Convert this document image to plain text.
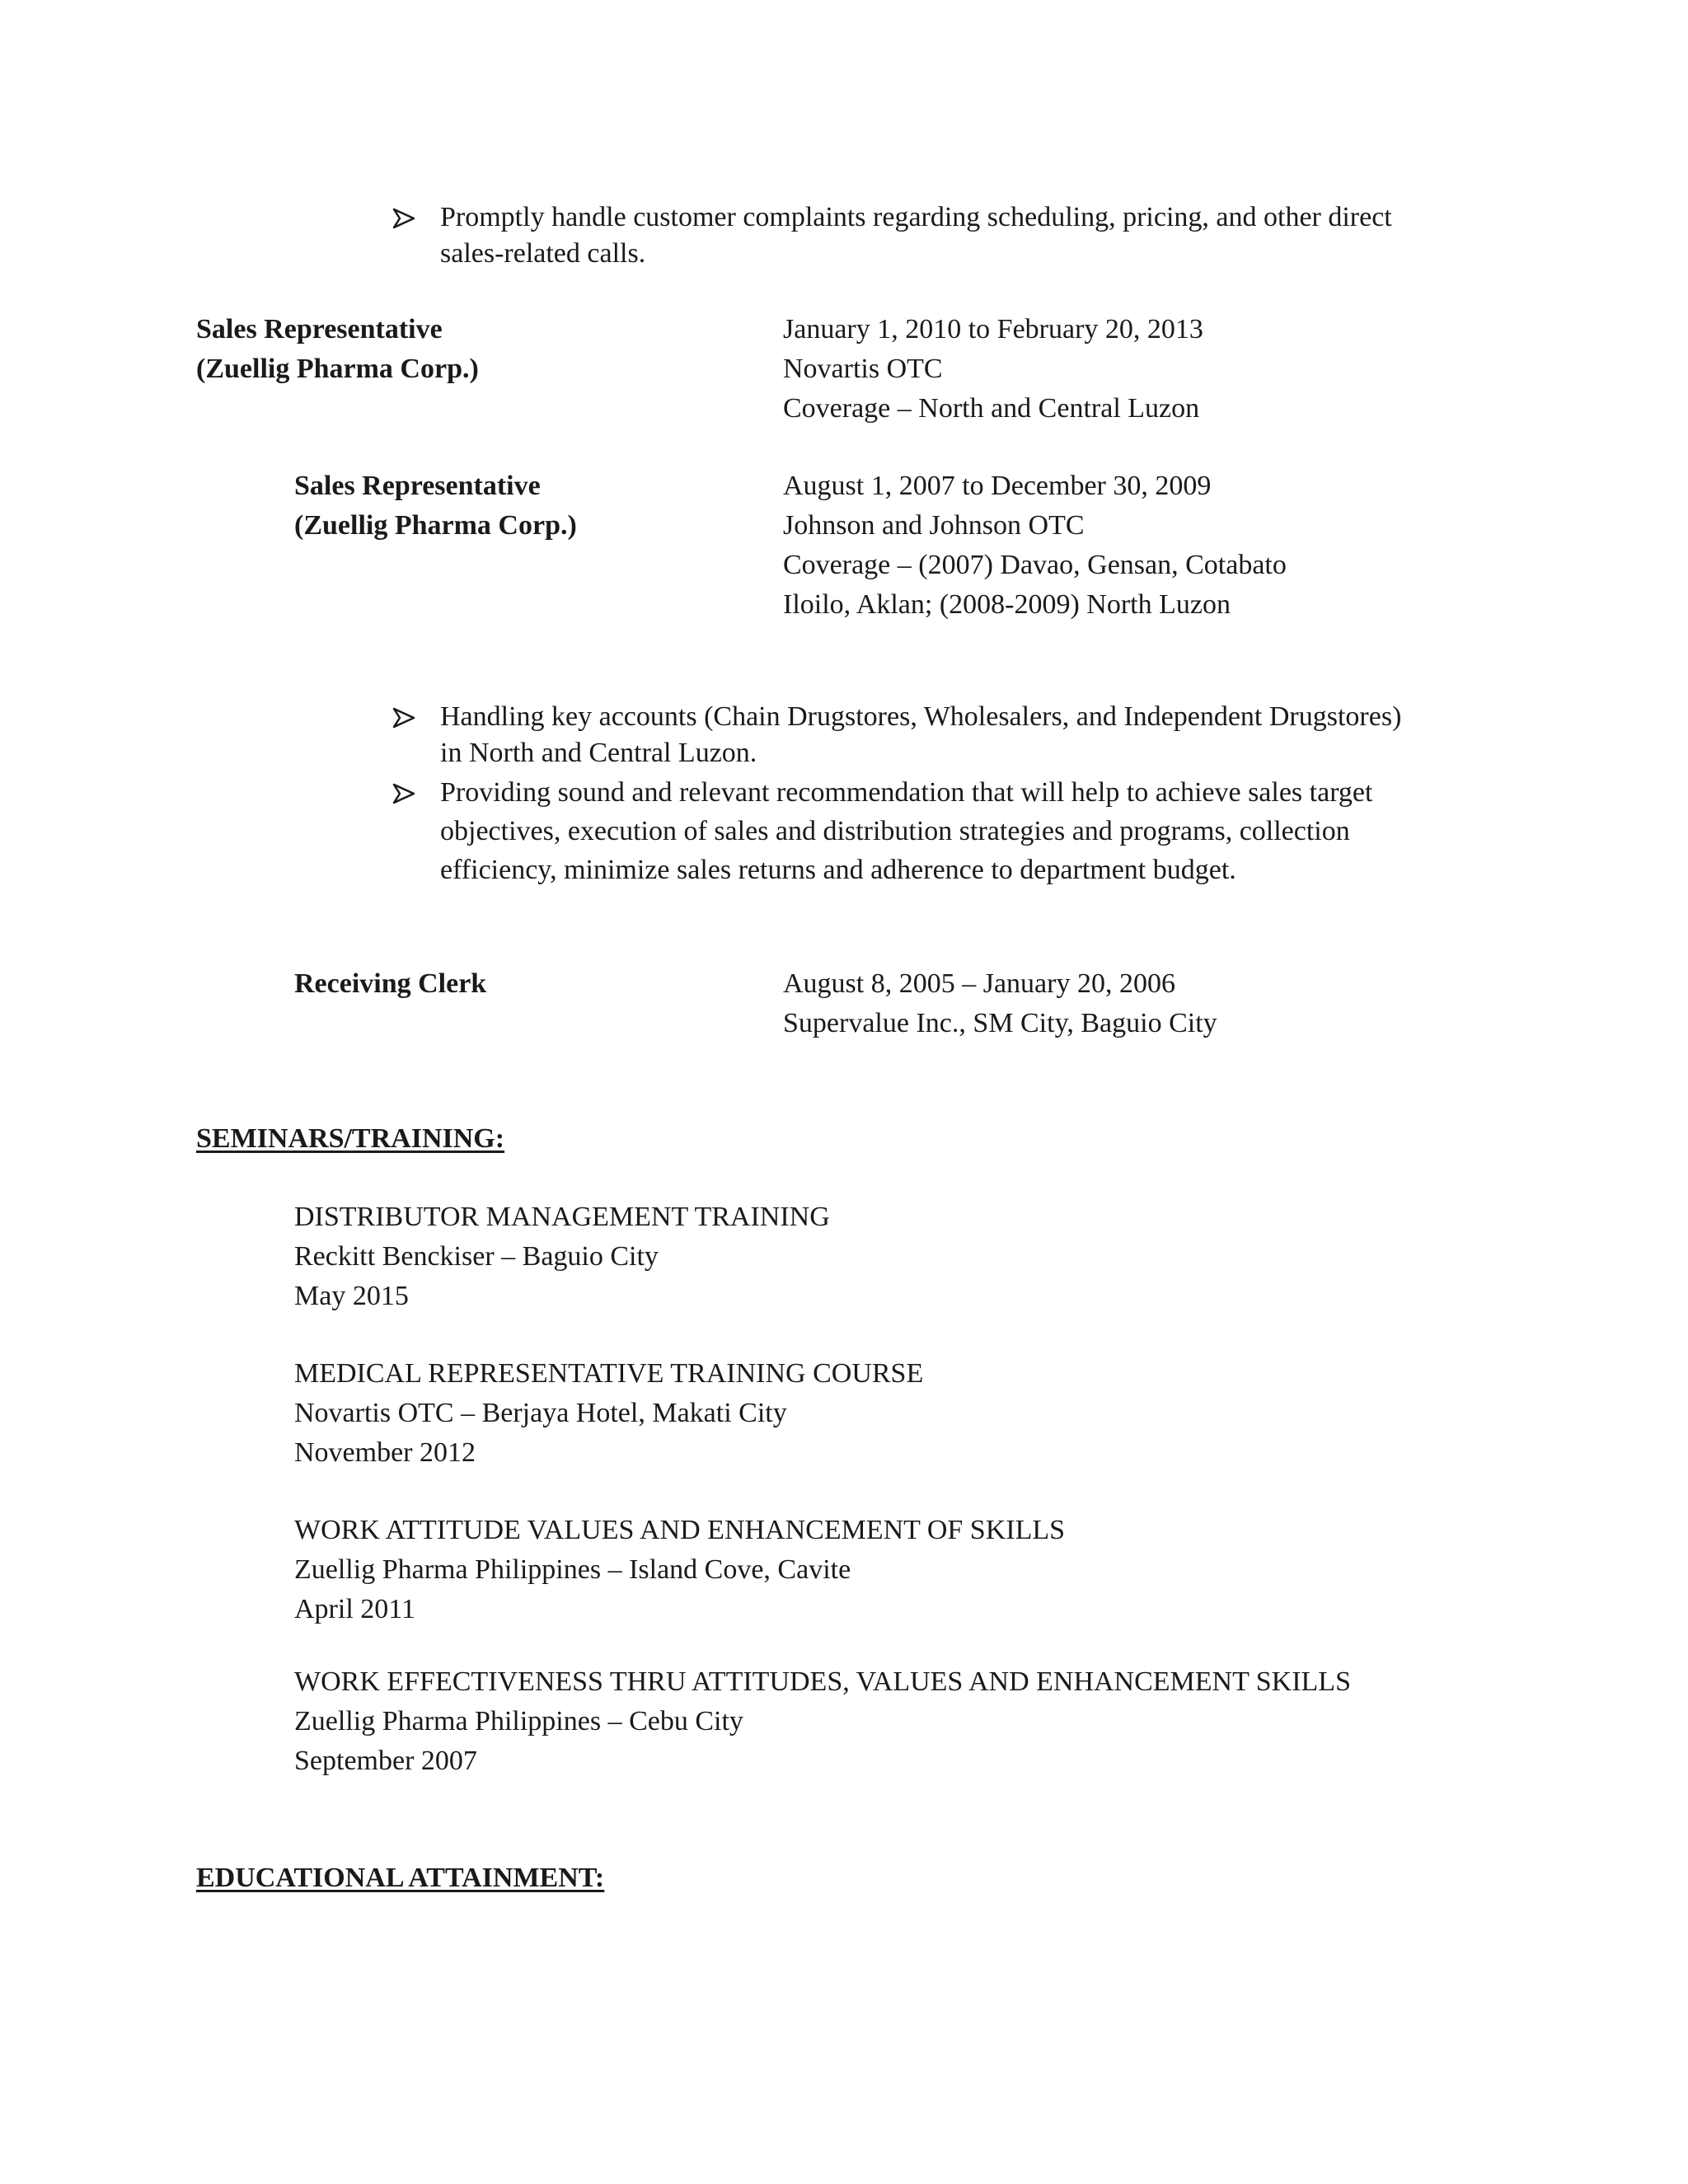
Promptly handle customer complaints regarding scheduling, pricing, and other direct
sales-related calls.
Sales Representative
(Zuellig Pharma Corp.)
January 1, 2010 to February 20, 2013
Novartis OTC
Coverage – North and Central Luzon
Sales Representative
(Zuellig Pharma Corp.)
August 1, 2007 to December 30, 2009
Johnson and Johnson OTC
Coverage – (2007) Davao, Gensan, Cotabato
Iloilo, Aklan; (2008-2009) North Luzon
Handling key accounts (Chain Drugstores, Wholesalers, and Independent Drugstores)
in North and Central Luzon.
Providing sound and relevant recommendation that will help to achieve sales target
objectives, execution of sales and distribution strategies and programs, collection
efficiency, minimize sales returns and adherence to department budget.
Receiving Clerk	August 8, 2005 – January 20, 2006
Supervalue Inc., SM City, Baguio City
SEMINARS/TRAINING:
DISTRIBUTOR MANAGEMENT TRAINING
Reckitt Benckiser – Baguio City
May 2015
MEDICAL REPRESENTATIVE TRAINING COURSE
Novartis OTC – Berjaya Hotel, Makati City
November 2012
WORK ATTITUDE VALUES AND ENHANCEMENT OF SKILLS
Zuellig Pharma Philippines – Island Cove, Cavite
April 2011
WORK EFFECTIVENESS THRU ATTITUDES, VALUES AND ENHANCEMENT SKILLS
Zuellig Pharma Philippines – Cebu City
September 2007
EDUCATIONAL ATTAINMENT:
